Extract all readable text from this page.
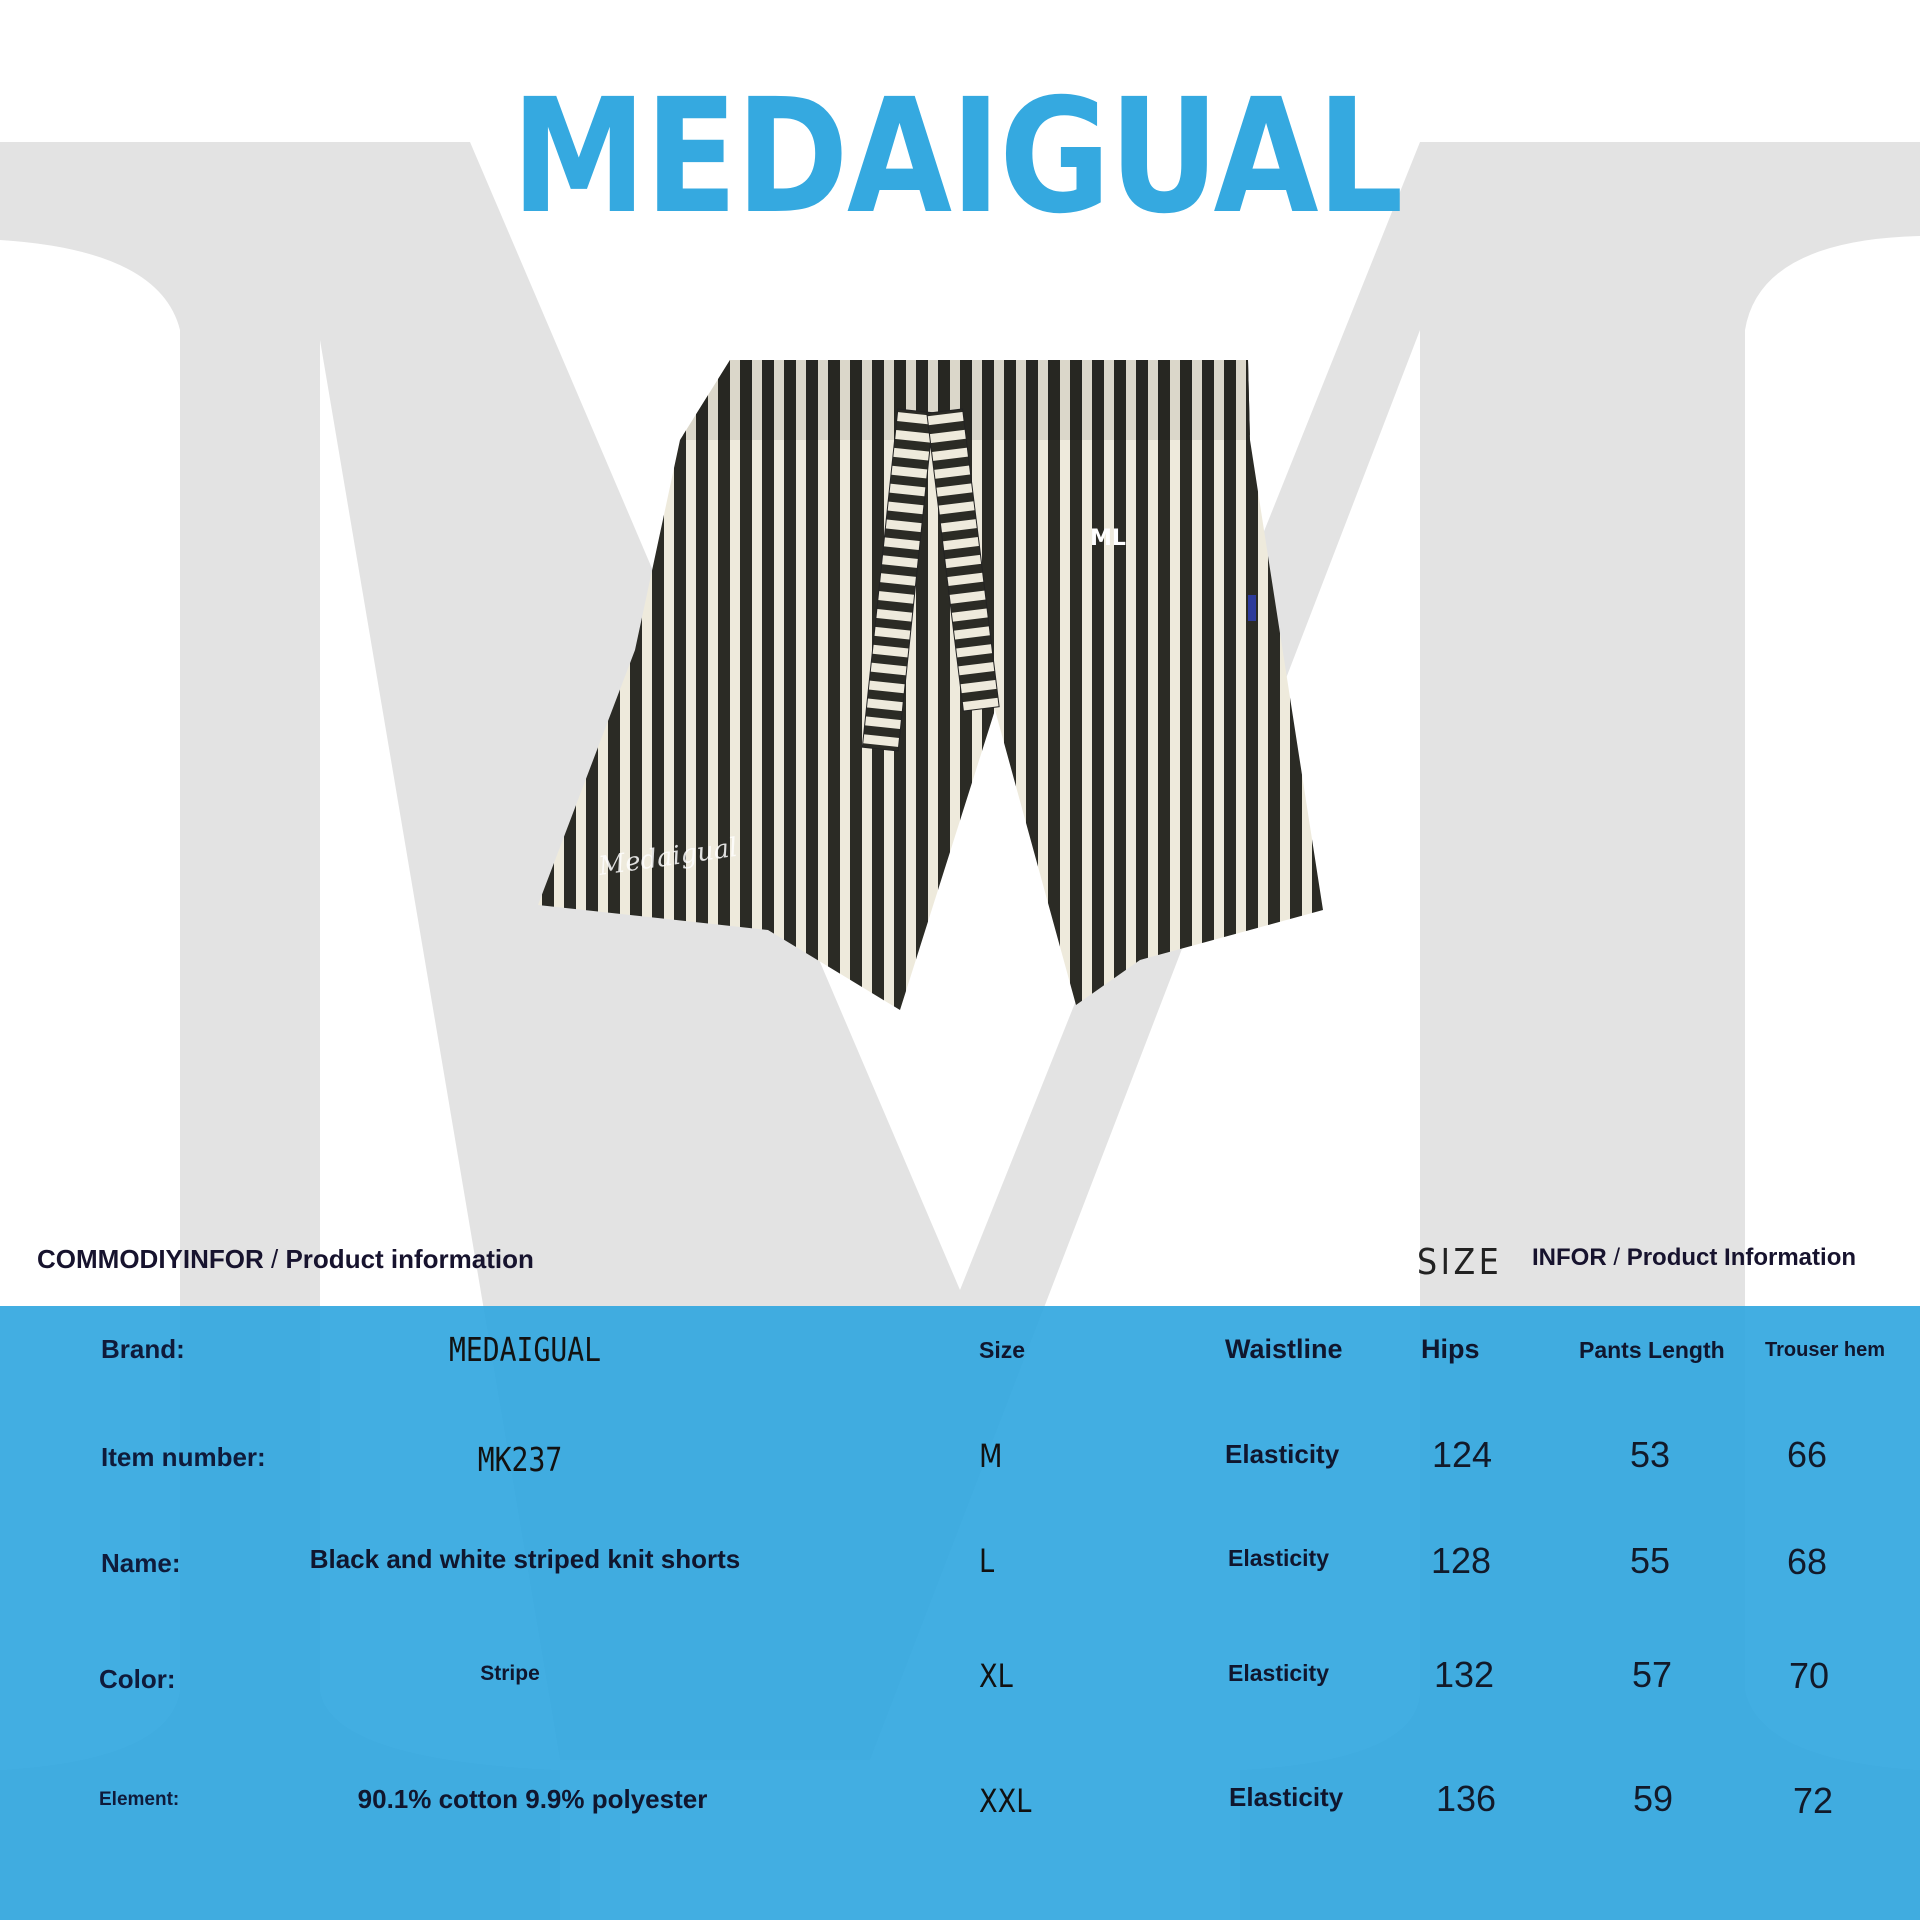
MEDAIGUAL
ML
Medaigual
COMMODIYINFOR / Product information	SIZE INFOR / Product Information
Brand:	MEDAIGUAL
Item number:	MK237
Name:	Black and white striped knit shorts
Color:	Stripe
Element:	90.1% cotton 9.9% polyester
Size	Waistline	Hips	Pants Length Trouser hem
M	Elasticity	124	53	66
L	Elasticity	128	55	68
XL	Elasticity	132	57	70
XXL	Elasticity	136	59	72
